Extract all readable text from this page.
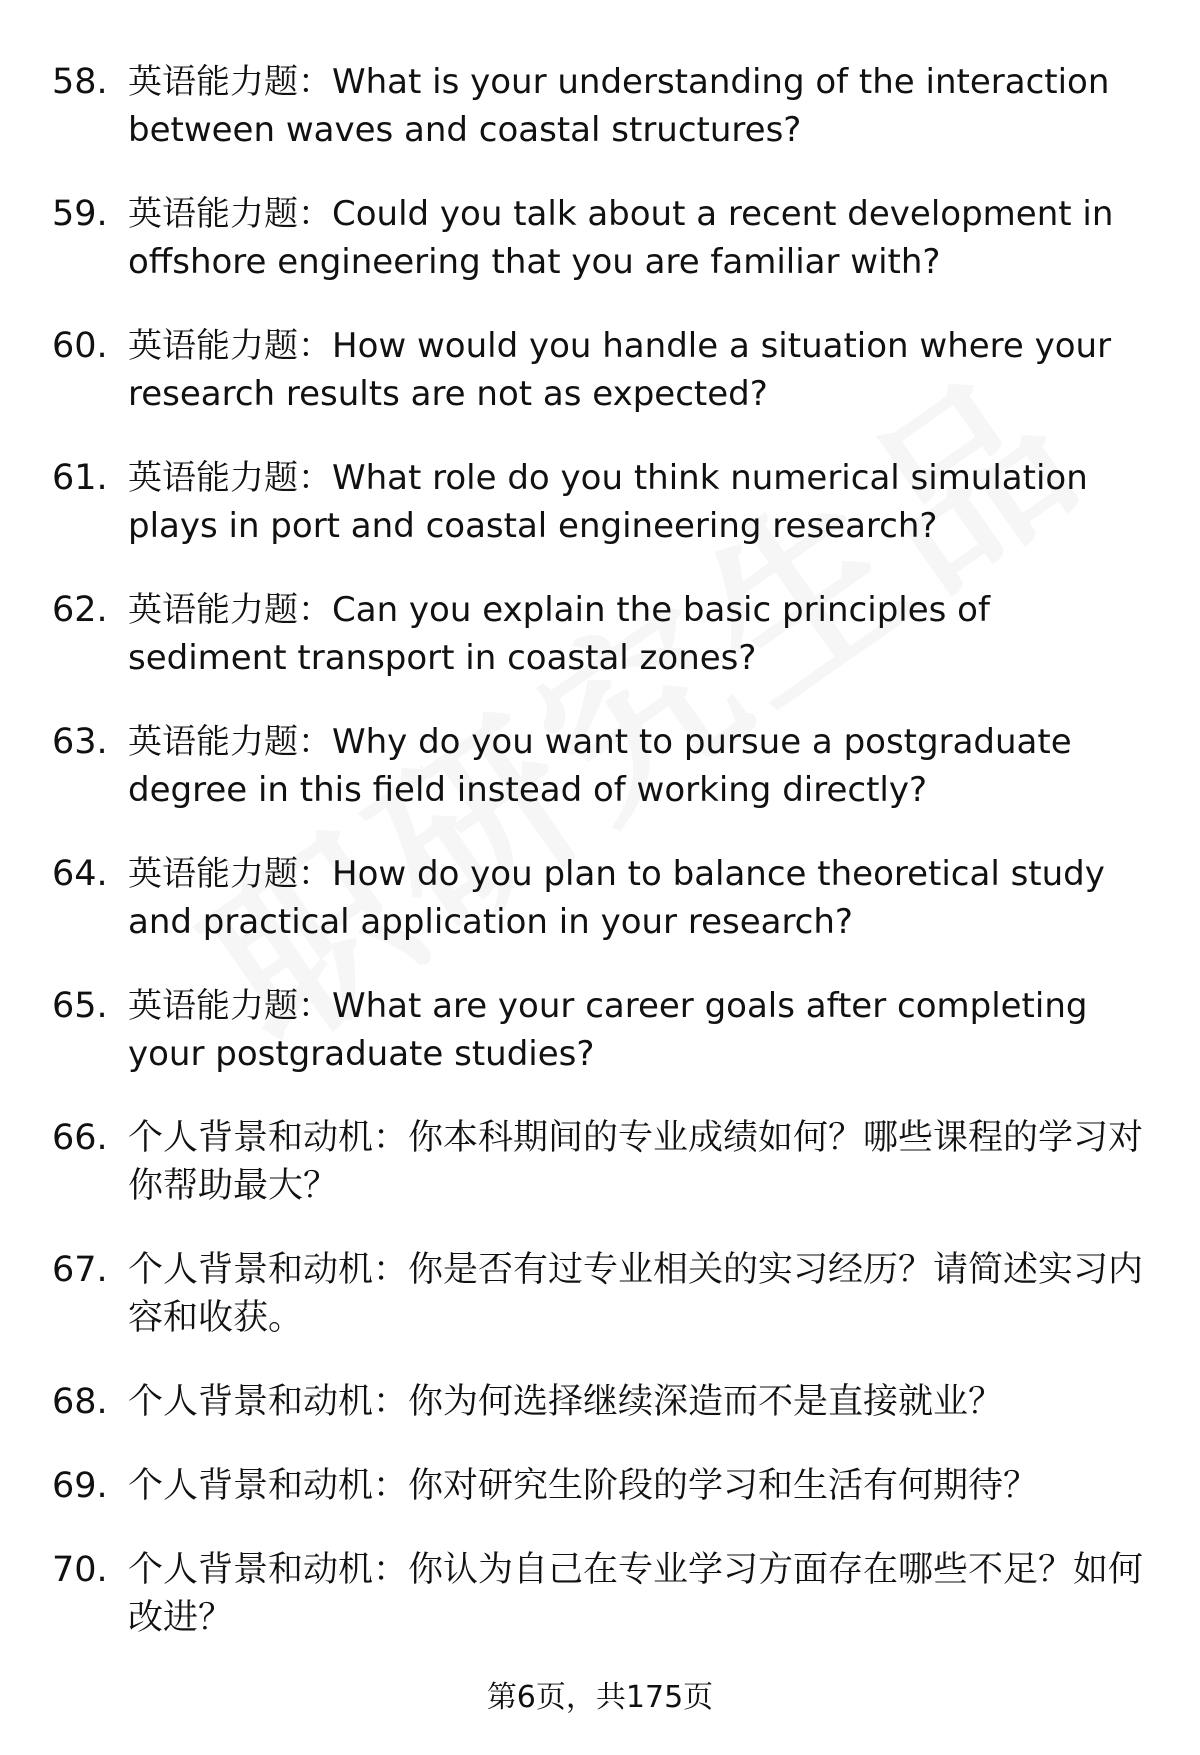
58. 英语能力题：What is your understanding of the interaction between waves and coastal structures?
59. 英语能力题：Could you talk about a recent development in offshore engineering that you are familiar with?
60. 英语能力题：How would you handle a situation where your research results are not as expected?
61. 英语能力题：What role do you think numerical simulation plays in port and coastal engineering research?
62. 英语能力题：Can you explain the basic principles of sediment transport in coastal zones?
63. 英语能力题：Why do you want to pursue a postgraduate degree in this field instead of working directly?
64. 英语能力题：How do you plan to balance theoretical study and practical application in your research?
65. 英语能力题：What are your career goals after completing your postgraduate studies?
66. 个人背景和动机：你本科期间的专业成绩如何？哪些课程的学习对你帮助最大？
67. 个人背景和动机：你是否有过专业相关的实习经历？请简述实习内容和收获。
68. 个人背景和动机：你为何选择继续深造而不是直接就业？
69. 个人背景和动机：你对研究生阶段的学习和生活有何期待？
70. 个人背景和动机：你认为自己在专业学习方面存在哪些不足？如何改进？
第6页，共175页
